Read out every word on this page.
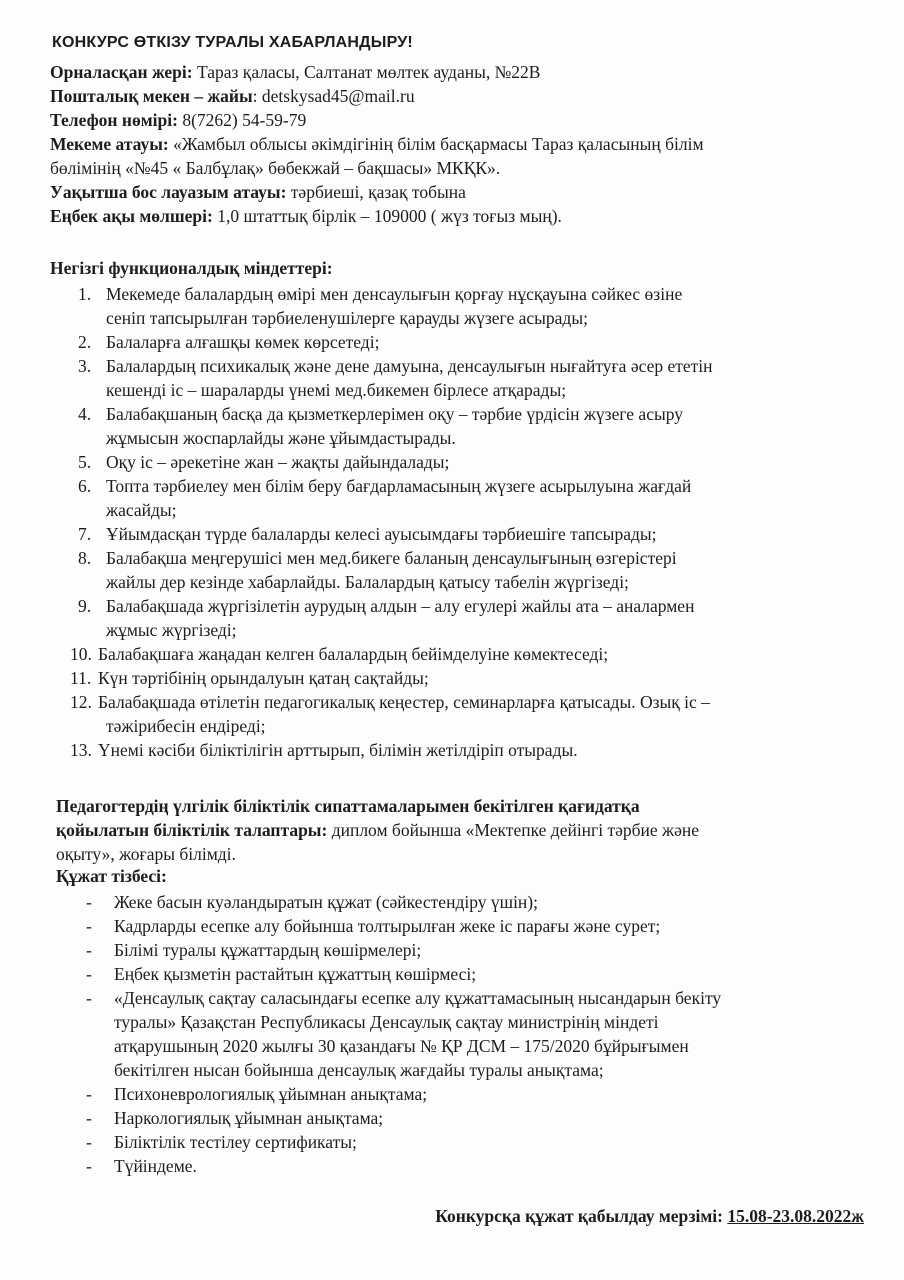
КОНКУРС ӨТКІЗУ ТУРАЛЫ ХАБАРЛАНДЫРУ!

Орналасқан жері: Тараз қаласы, Салтанат мөлтек ауданы, №22В

Пошталық мекен – жайы: detskysad45@mail.ru

Телефон нөмірі: 8(7262) 54-59-79

Мекеме атауы: «Жамбыл облысы әкімдігінің білім басқармасы Тараз қаласының білім

бөлімінің «№45 « Балбұлақ» бөбекжай – бақшасы» МКҚК».

Уақытша бос лауазым атауы: тәрбиеші, қазақ тобына

Еңбек ақы мөлшері: 1,0 штаттық бірлік – 109000 ( жүз тоғыз мың).

Негізгі функционалдық міндеттері:
1. Мекемеде балалардың өмірі мен денсаулығын қорғау нұсқауына сәйкес өзіне
сеніп тапсырылған тәрбиеленушілерге қарауды жүзеге асырады;
2. Балаларға алғашқы көмек көрсетеді;
3. Балалардың психикалық және дене дамуына, денсаулығын нығайтуға әсер ететін
кешенді іс – шараларды үнемі мед.бикемен бірлесе атқарады;
4. Балабақшаның басқа да қызметкерлерімен оқу – тәрбие үрдісін жүзеге асыру
жұмысын жоспарлайды және ұйымдастырады.
5. Оқу іс – әрекетіне жан – жақты дайындалады;
6. Топта тәрбиелеу мен білім беру бағдарламасының жүзеге асырылуына жағдай
жасайды;
7. Ұйымдасқан түрде балаларды келесі ауысымдағы тәрбиешіге тапсырады;
8. Балабақша меңгерушісі мен мед.бикеге баланың денсаулығының өзгерістері
жайлы дер кезінде хабарлайды. Балалардың қатысу табелін жүргізеді;
9. Балабақшада жүргізілетін аурудың алдын – алу егулері жайлы ата – аналармен
жұмыс жүргізеді;
10. Балабақшаға жаңадан келген балалардың бейімделуіне көмектеседі;
11. Күн тәртібінің орындалуын қатаң сақтайды;
12. Балабақшада өтілетін педагогикалық кеңестер, семинарларға қатысады. Озық іс –
тәжірибесін ендіреді;
13. Үнемі кәсіби біліктілігін арттырып, білімін жетілдіріп отырады.

Педагогтердің үлгілік біліктілік сипаттамаларымен бекітілген қағидатқа

қойылатын біліктілік талаптары: диплом бойынша «Мектепке дейінгі тәрбие және

оқыту», жоғары білімді.

Құжат тізбесі:
-	Жеке басын куәландыратын құжат (сәйкестендіру үшін);
-	Кадрларды есепке алу бойынша толтырылған жеке іс парағы және сурет;
-	Білімі туралы құжаттардың көшірмелері;
-	Еңбек қызметін растайтын құжаттың көшірмесі;
-	«Денсаулық сақтау саласындағы есепке алу құжаттамасының нысандарын бекіту
туралы» Қазақстан Республикасы Денсаулық сақтау министрінің міндеті
атқарушының 2020 жылғы 30 қазандағы № ҚР ДСМ – 175/2020 бұйрығымен
бекітілген нысан бойынша денсаулық жағдайы туралы анықтама;
-	Психоневрологиялық ұйымнан анықтама;
-	Наркологиялық ұйымнан анықтама;
-	Біліктілік тестілеу сертификаты;
-	Түйіндеме.
Конкурсқа құжат қабылдау мерзімі: 15.08-23.08.2022ж
